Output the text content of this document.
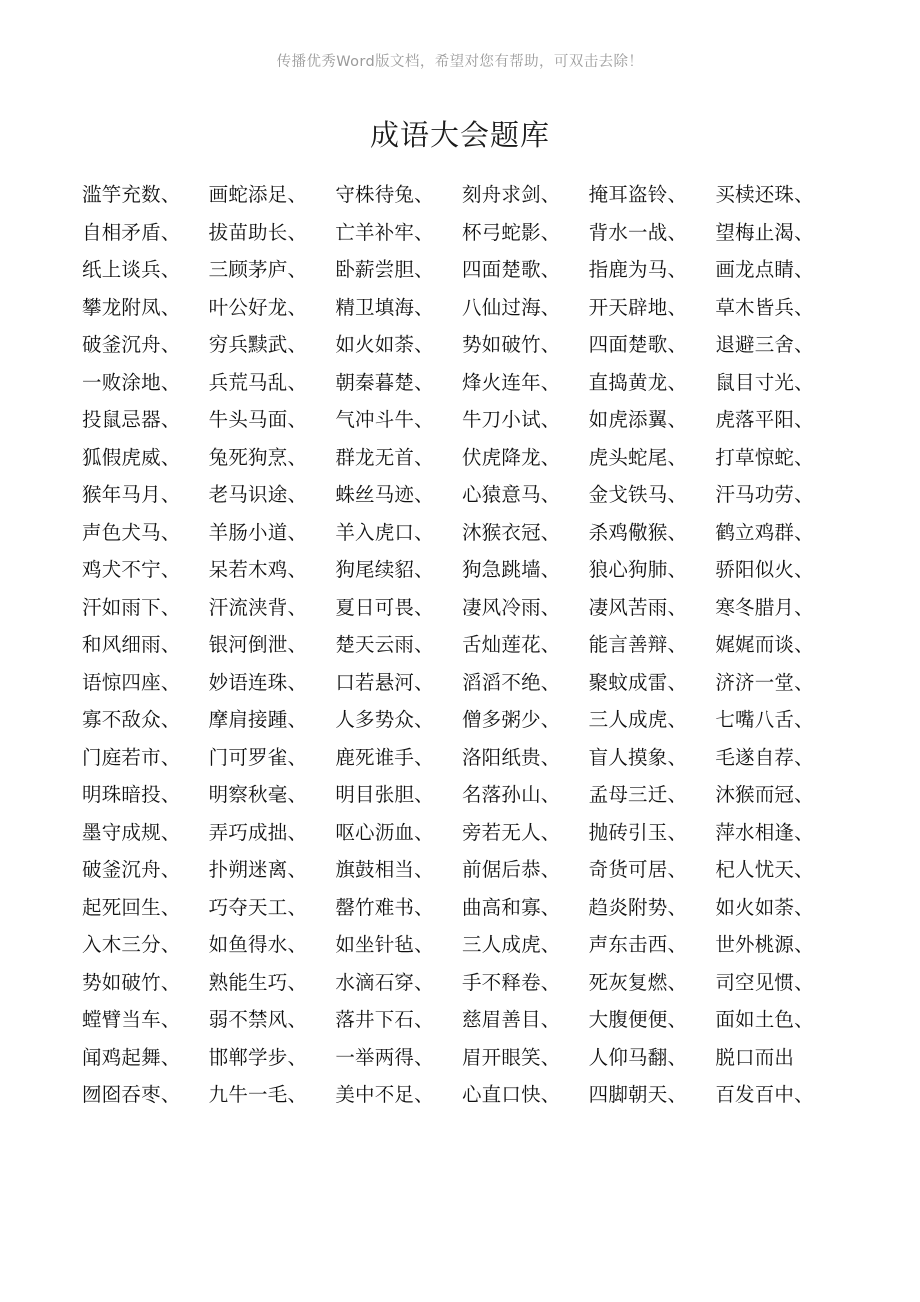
传播优秀Word版文档，希望对您有帮助，可双击去除！
成语大会题库
滥竽充数、	画蛇添足、	守株待兔、	刻舟求剑、	掩耳盗铃、	买椟还珠、
自相矛盾、	拔苗助长、	亡羊补牢、	杯弓蛇影、	背水一战、	望梅止渴、
纸上谈兵、	三顾茅庐、	卧薪尝胆、	四面楚歌、	指鹿为马、	画龙点睛、
攀龙附凤、	叶公好龙、	精卫填海、	八仙过海、	开天辟地、	草木皆兵、
破釜沉舟、	穷兵黩武、	如火如荼、	势如破竹、	四面楚歌、	退避三舍、
一败涂地、	兵荒马乱、	朝秦暮楚、	烽火连年、	直捣黄龙、	鼠目寸光、
投鼠忌器、	牛头马面、	气冲斗牛、	牛刀小试、	如虎添翼、	虎落平阳、
狐假虎威、	兔死狗烹、	群龙无首、	伏虎降龙、	虎头蛇尾、	打草惊蛇、
猴年马月、	老马识途、	蛛丝马迹、	心猿意马、	金戈铁马、	汗马功劳、
声色犬马、	羊肠小道、	羊入虎口、	沐猴衣冠、	杀鸡儆猴、	鹤立鸡群、
鸡犬不宁、	呆若木鸡、	狗尾续貂、	狗急跳墙、	狼心狗肺、	骄阳似火、
汗如雨下、	汗流浃背、	夏日可畏、	凄风冷雨、	凄风苦雨、	寒冬腊月、
和风细雨、	银河倒泄、	楚天云雨、	舌灿莲花、	能言善辩、	娓娓而谈、
语惊四座、	妙语连珠、	口若悬河、	滔滔不绝、	聚蚊成雷、	济济一堂、
寡不敌众、	摩肩接踵、	人多势众、	僧多粥少、	三人成虎、	七嘴八舌、
门庭若市、	门可罗雀、	鹿死谁手、	洛阳纸贵、	盲人摸象、	毛遂自荐、
明珠暗投、	明察秋毫、	明目张胆、	名落孙山、	孟母三迁、	沐猴而冠、
墨守成规、	弄巧成拙、	呕心沥血、	旁若无人、	抛砖引玉、	萍水相逢、
破釜沉舟、	扑朔迷离、	旗鼓相当、	前倨后恭、	奇货可居、	杞人忧天、
起死回生、	巧夺天工、	罄竹难书、	曲高和寡、	趋炎附势、	如火如荼、
入木三分、	如鱼得水、	如坐针毡、	三人成虎、	声东击西、	世外桃源、
势如破竹、	熟能生巧、	水滴石穿、	手不释卷、	死灰复燃、	司空见惯、
螳臂当车、	弱不禁风、	落井下石、	慈眉善目、	大腹便便、	面如土色、
闻鸡起舞、	邯郸学步、	一举两得、	眉开眼笑、	人仰马翻、	脱口而出
囫囵吞枣、	九牛一毛、	美中不足、	心直口快、	四脚朝天、	百发百中、
